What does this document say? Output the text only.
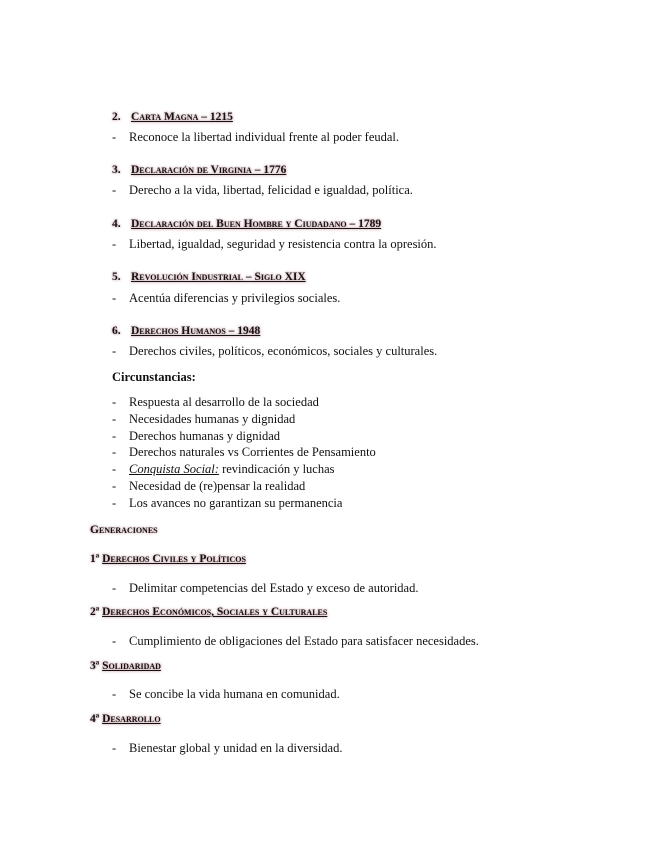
2. Carta Magna – 1215
- Reconoce la libertad individual frente al poder feudal.
3. Declaración de Virginia – 1776
- Derecho a la vida, libertad, felicidad e igualdad, política.
4. Declaración del Buen Hombre y Ciudadano – 1789
- Libertad, igualdad, seguridad y resistencia contra la opresión.
5. Revolución Industrial – Siglo XIX
- Acentúa diferencias y privilegios sociales.
6. Derechos Humanos – 1948
- Derechos civiles, políticos, económicos, sociales y culturales.
Circunstancias:
- Respuesta al desarrollo de la sociedad
- Necesidades humanas y dignidad
- Derechos humanas y dignidad
- Derechos naturales vs Corrientes de Pensamiento
- Conquista Social: revindicación y luchas
- Necesidad de (re)pensar la realidad
- Los avances no garantizan su permanencia
Generaciones
1ª Derechos Civiles y Políticos
- Delimitar competencias del Estado y exceso de autoridad.
2ª Derechos Económicos, Sociales y Culturales
- Cumplimiento de obligaciones del Estado para satisfacer necesidades.
3ª Solidaridad
- Se concibe la vida humana en comunidad.
4ª Desarrollo
- Bienestar global y unidad en la diversidad.
